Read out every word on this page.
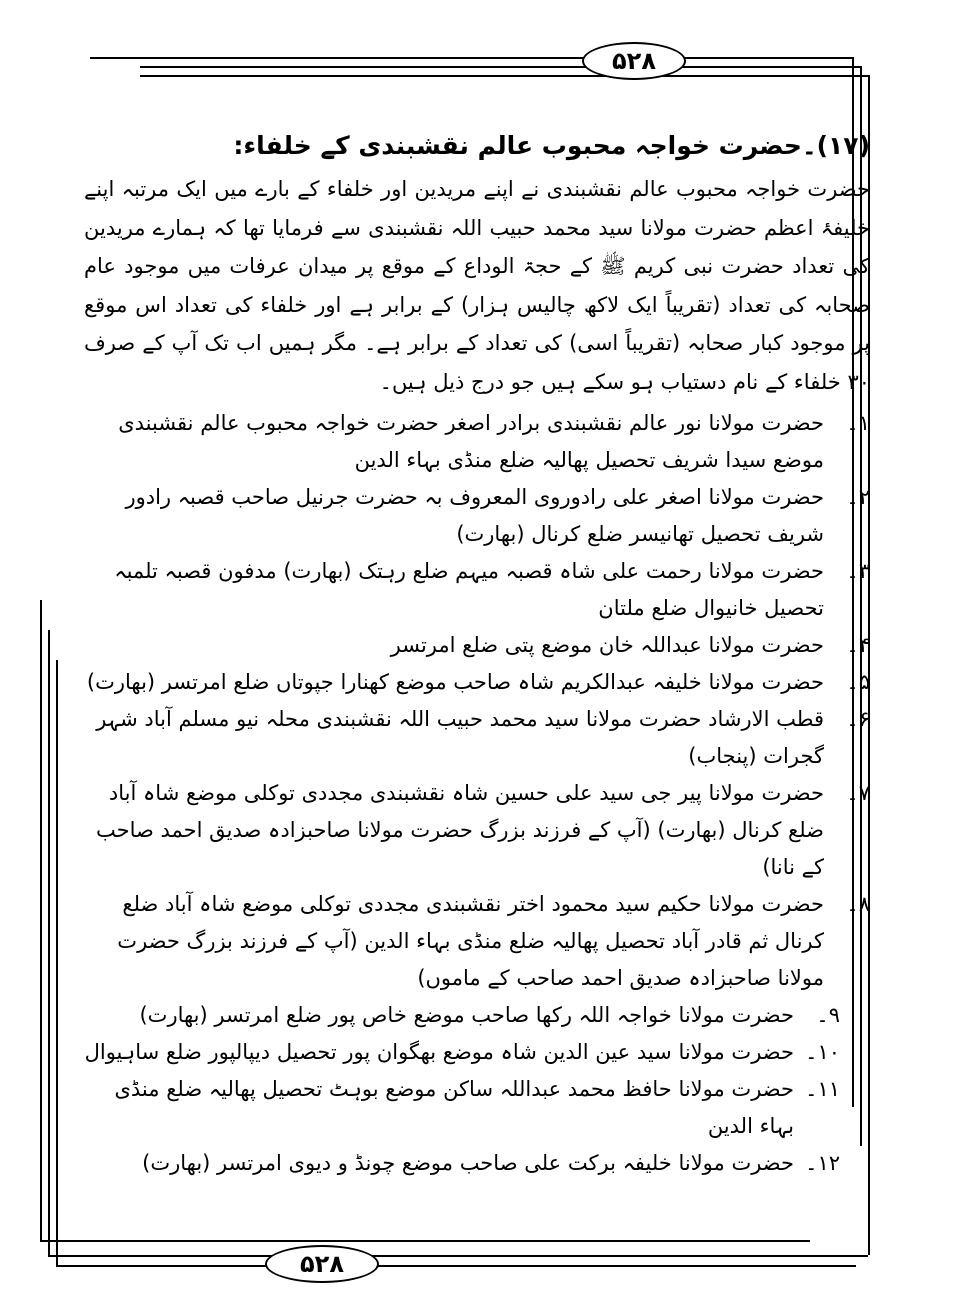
۵۲۸
۵۲۸
(۱۷)۔حضرت خواجہ محبوب عالم نقشبندی کے خلفاء:

حضرت خواجہ محبوب عالم نقشبندی نے اپنے مریدین اور خلفاء کے بارے میں ایک مرتبہ اپنے خلیفۂ اعظم حضرت مولانا سید محمد حبیب اللہ نقشبندی سے فرمایا تھا کہ ہمارے مریدین کی تعداد حضرت نبی کریم ﷺ کے حجۃ الوداع کے موقع پر میدان عرفات میں موجود عام صحابہ کی تعداد (تقریباً ایک لاکھ چالیس ہزار) کے برابر ہے اور خلفاء کی تعداد اس موقع پر موجود کبار صحابہ (تقریباً اسی) کی تعداد کے برابر ہے۔ مگر ہمیں اب تک آپ کے صرف ۳۰ خلفاء کے نام دستیاب ہو سکے ہیں جو درج ذیل ہیں۔

۱۔
حضرت مولانا نور عالم نقشبندی برادر اصغر حضرت خواجہ محبوب عالم نقشبندی موضع سیدا شریف تحصیل پھالیہ ضلع منڈی بہاء الدین
۲۔
حضرت مولانا اصغر علی رادوروی المعروف بہ حضرت جرنیل صاحب قصبہ رادور شریف تحصیل تھانیسر ضلع کرنال (بھارت)
۳۔
حضرت مولانا رحمت علی شاہ قصبہ میہم ضلع رہتک (بھارت) مدفون قصبہ تلمبہ تحصیل خانیوال ضلع ملتان
۴۔
حضرت مولانا عبداللہ خان موضع پتی ضلع امرتسر
۵۔
حضرت مولانا خلیفہ عبدالکریم شاہ صاحب موضع کھنارا جپوتاں ضلع امرتسر (بھارت)
۶۔
قطب الارشاد حضرت مولانا سید محمد حبیب اللہ نقشبندی محلہ نیو مسلم آباد شہر گجرات (پنجاب)
۷۔
حضرت مولانا پیر جی سید علی حسین شاہ نقشبندی مجددی توکلی موضع شاہ آباد ضلع کرنال (بھارت) (آپ کے فرزند بزرگ حضرت مولانا صاحبزادہ صدیق احمد صاحب کے نانا)
۸۔
حضرت مولانا حکیم سید محمود اختر نقشبندی مجددی توکلی موضع شاہ آباد ضلع کرنال ثم قادر آباد تحصیل پھالیہ ضلع منڈی بہاء الدین (آپ کے فرزند بزرگ حضرت مولانا صاحبزادہ صدیق احمد صاحب کے ماموں)
۹۔
حضرت مولانا خواجہ اللہ رکھا صاحب موضع خاص پور ضلع امرتسر (بھارت)
۱۰۔
حضرت مولانا سید عین الدین شاہ موضع بھگوان پور تحصیل دیپالپور ضلع ساہیوال
۱۱۔
حضرت مولانا حافظ محمد عبداللہ ساکن موضع بوہٹ تحصیل پھالیہ ضلع منڈی بہاء الدین
۱۲۔
حضرت مولانا خلیفہ برکت علی صاحب موضع چونڈ و دیوی امرتسر (بھارت)
